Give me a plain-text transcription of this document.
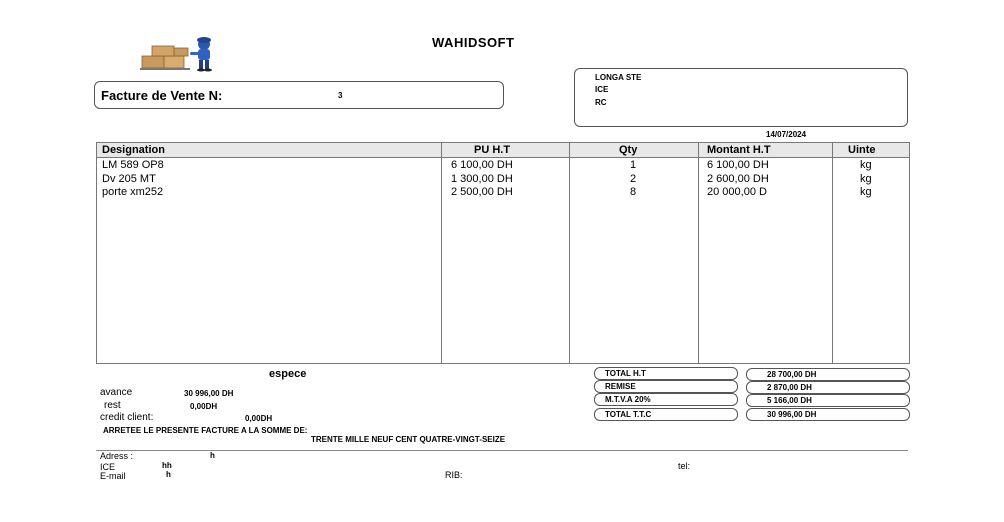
WAHIDSOFT
Facture de Vente N:	3
LONGA STE
ICE
RC
14/07/2024
Designation	PU H.T	Qty	Montant H.T	Uinte
LM 589 OP8	6 100,00 DH	1	6 100,00 DH	kg
Dv 205 MT	1 300,00 DH	2	2 600,00 DH	kg
porte xm252	2 500,00 DH	8	20 000,00 D	kg
espece
avance	30 996,00 DH
rest	0,00DH
credit client:	0,00DH
TOTAL H.T	28 700,00 DH
REMISE	2 870,00 DH
M.T.V.A 20%	5 166,00 DH
TOTAL T.T.C	30 996,00 DH
ARRETEE LE PRESENTE FACTURE A LA SOMME DE:
TRENTE MILLE NEUF CENT QUATRE-VINGT-SEIZE
Adress :	h
ICE	hh
E-mail	h	RIB:
tel:
